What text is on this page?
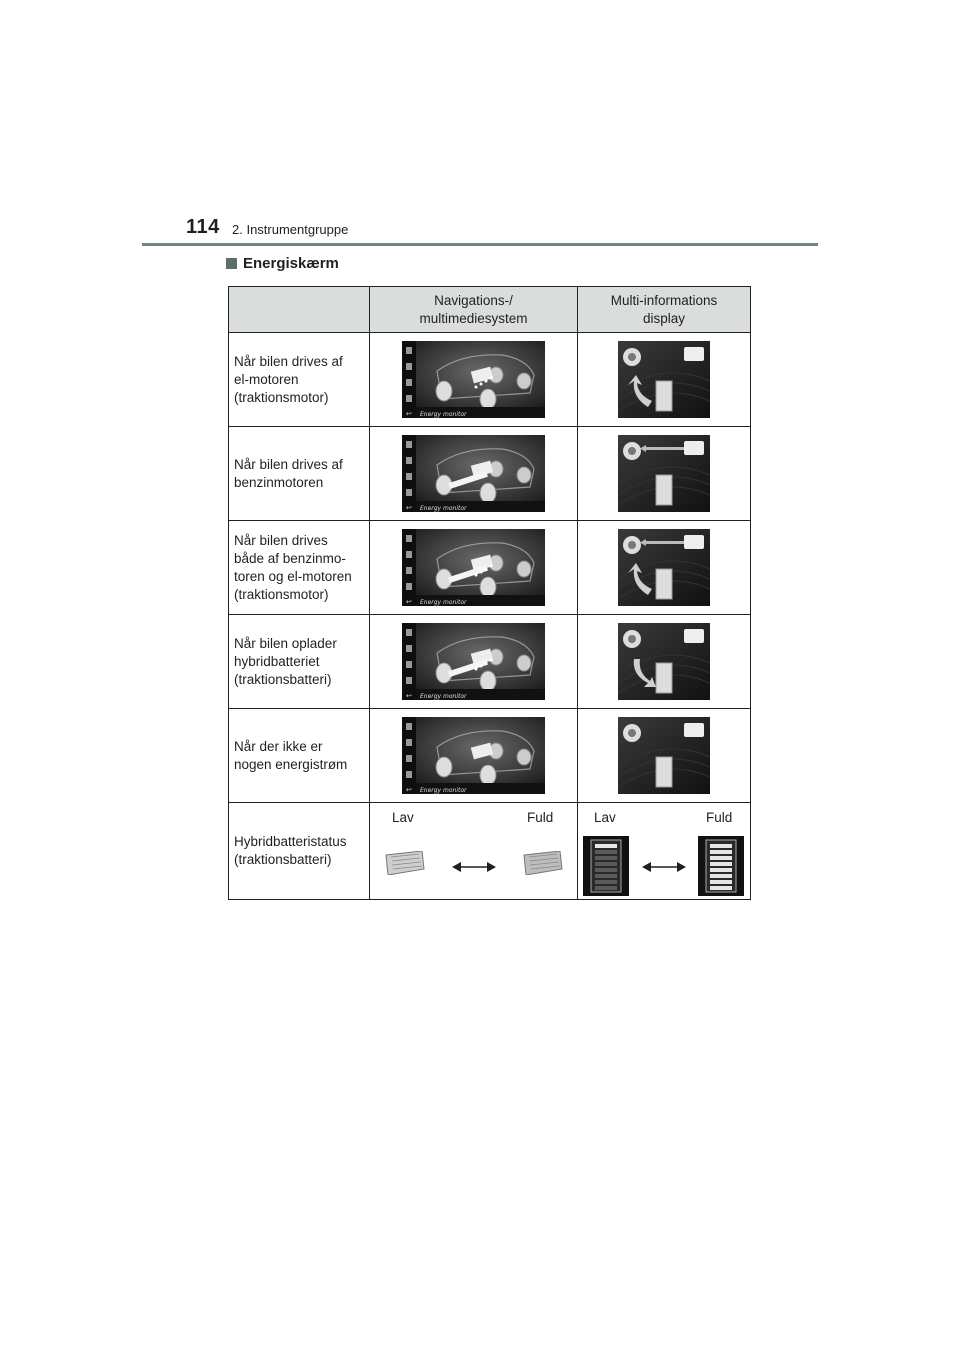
114 2. Instrumentgruppe
Energiskærm

	Navigations-/
multimediesystem	Multi-informations
display

Når bilen drives af
el-motoren
(traktionsmotor)	↩ Energy monitor

Når bilen drives af
benzinmotoren	↩ Energy monitor

Når bilen drives
både af benzinmo-
toren og el-motoren
(traktionsmotor)	↩ Energy monitor

Når bilen oplader
hybridbatteriet
(traktionsbatteri)	↩ Energy monitor

Når der ikke er
nogen energistrøm	↩ Energy monitor

Hybridbatteristatus
(traktionsbatteri)	Lav Fuld	Lav Fuld
